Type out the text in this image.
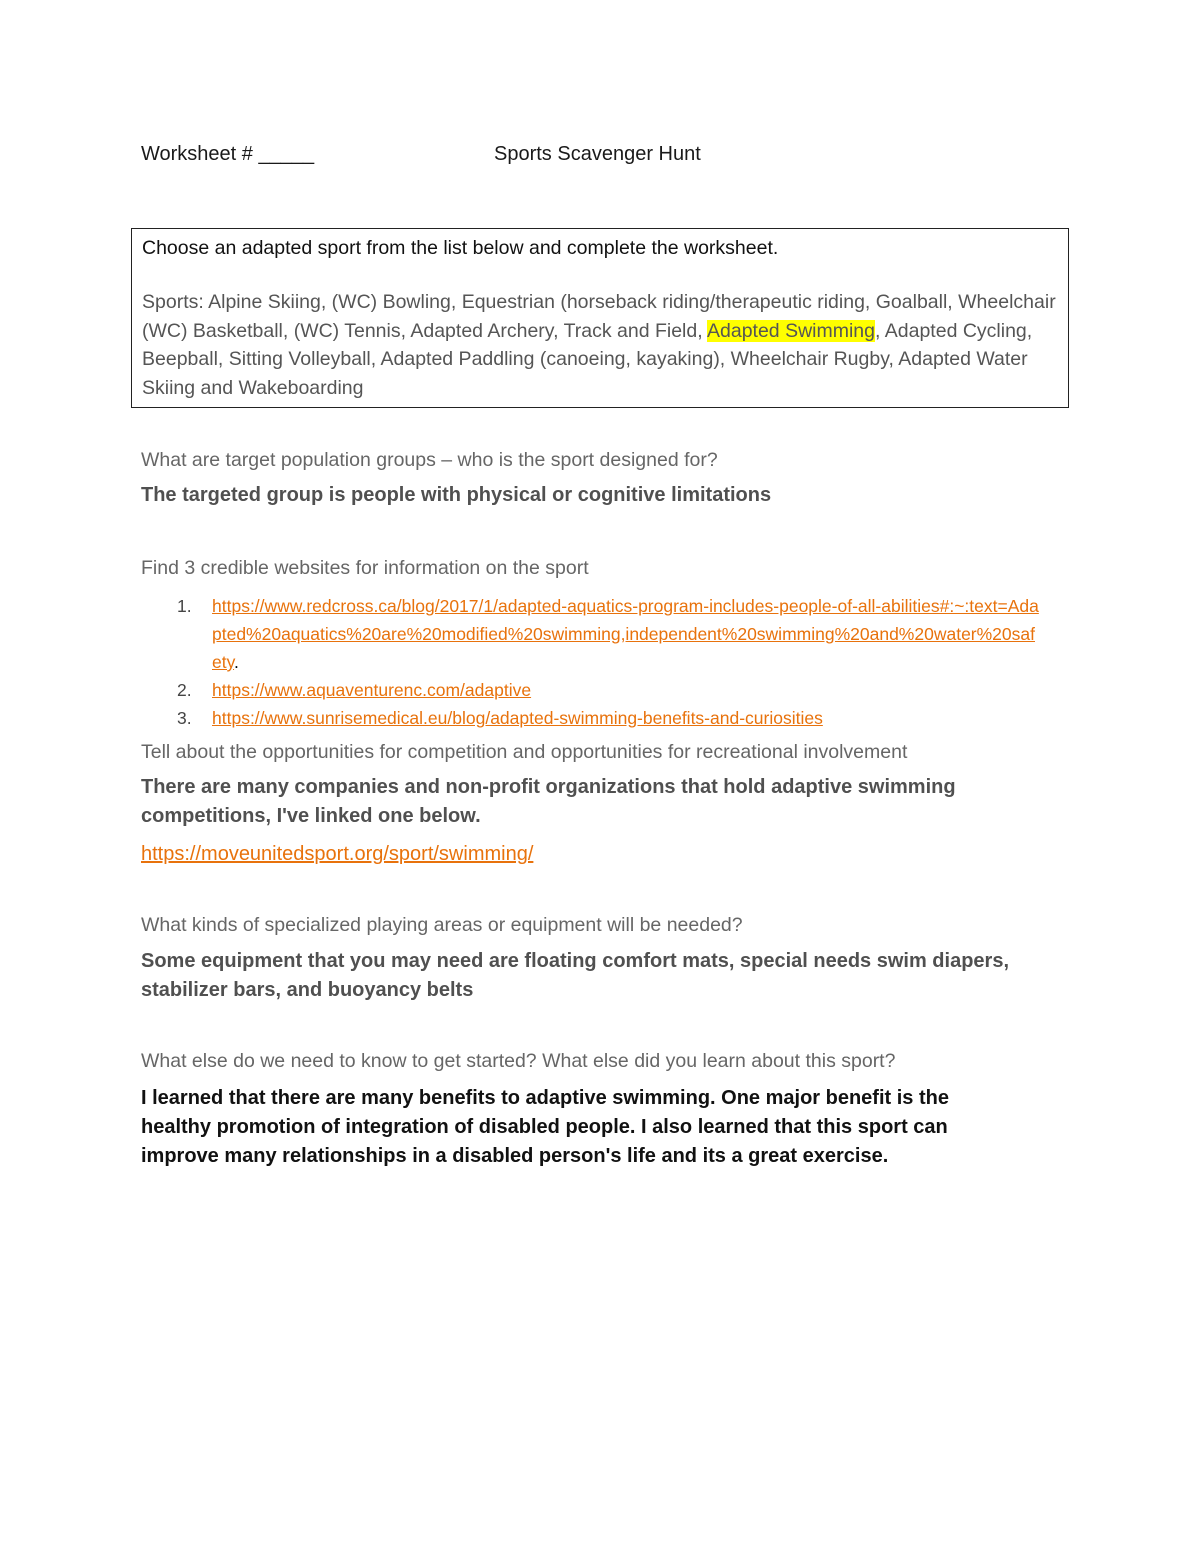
Worksheet # _____	Sports Scavenger Hunt
Choose an adapted sport from the list below and complete the worksheet.
Sports: Alpine Skiing, (WC) Bowling, Equestrian (horseback riding/therapeutic riding, Goalball, Wheelchair (WC) Basketball, (WC) Tennis, Adapted Archery, Track and Field, Adapted Swimming, Adapted Cycling, Beepball, Sitting Volleyball, Adapted Paddling (canoeing, kayaking), Wheelchair Rugby, Adapted Water Skiing and Wakeboarding
What are target population groups – who is the sport designed for?
The targeted group is people with physical or cognitive limitations
Find 3 credible websites for information on the sport
1. https://www.redcross.ca/blog/2017/1/adapted-aquatics-program-includes-people-of-all-abilities#:~:text=Adapted%20aquatics%20are%20modified%20swimming,independent%20swimming%20and%20water%20safety.
2. https://www.aquaventurenc.com/adaptive
3. https://www.sunrisemedical.eu/blog/adapted-swimming-benefits-and-curiosities
Tell about the opportunities for competition and opportunities for recreational involvement
There are many companies and non-profit organizations that hold adaptive swimming competitions, I've linked one below.
https://moveunitedsport.org/sport/swimming/
What kinds of specialized playing areas or equipment will be needed?
Some equipment that you may need are floating comfort mats, special needs swim diapers, stabilizer bars, and buoyancy belts
What else do we need to know to get started? What else did you learn about this sport?
I learned that there are many benefits to adaptive swimming. One major benefit is the healthy promotion of integration of disabled people. I also learned that this sport can improve many relationships in a disabled person's life and its a great exercise.
